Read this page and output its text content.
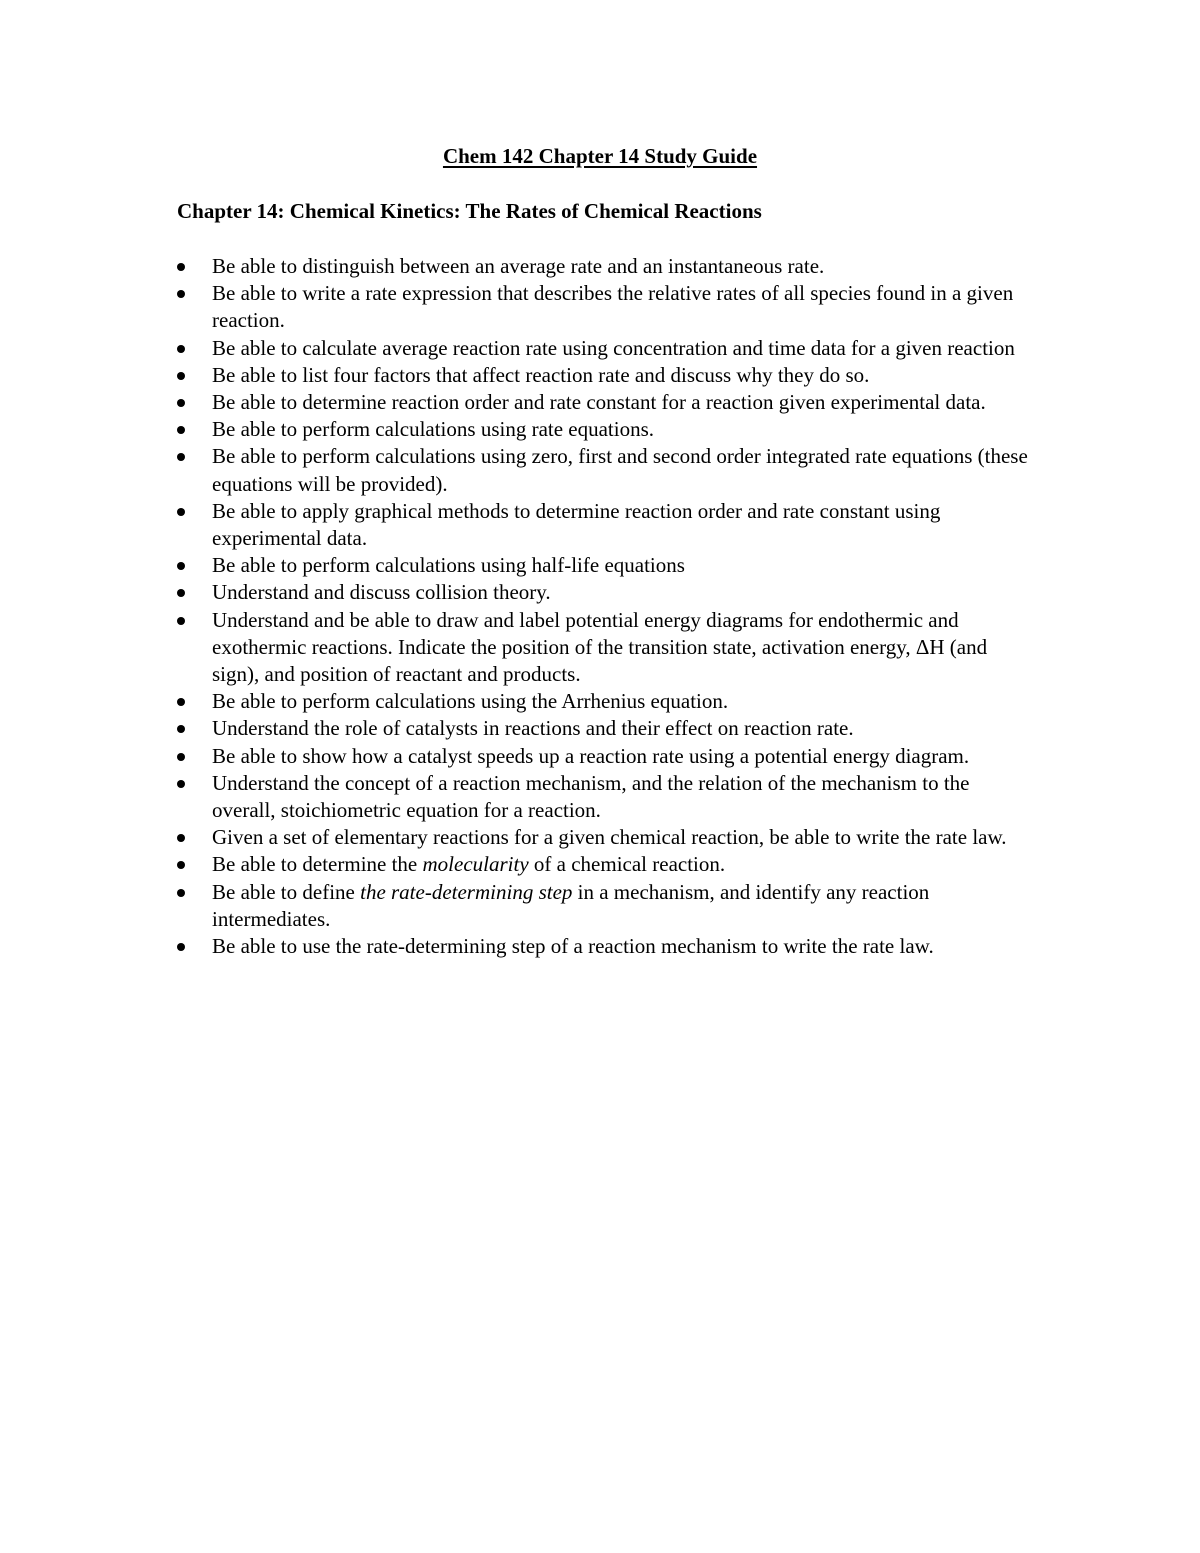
Chem 142 Chapter 14 Study Guide
Chapter 14: Chemical Kinetics: The Rates of Chemical Reactions
Be able to distinguish between an average rate and an instantaneous rate.
Be able to write a rate expression that describes the relative rates of all species found in a given reaction.
Be able to calculate average reaction rate using concentration and time data for a given reaction
Be able to list four factors that affect reaction rate and discuss why they do so.
Be able to determine reaction order and rate constant for a reaction given experimental data.
Be able to perform calculations using rate equations.
Be able to perform calculations using zero, first and second order integrated rate equations (these equations will be provided).
Be able to apply graphical methods to determine reaction order and rate constant using experimental data.
Be able to perform calculations using half-life equations
Understand and discuss collision theory.
Understand and be able to draw and label potential energy diagrams for endothermic and exothermic reactions. Indicate the position of the transition state, activation energy, ΔH (and sign), and position of reactant and products.
Be able to perform calculations using the Arrhenius equation.
Understand the role of catalysts in reactions and their effect on reaction rate.
Be able to show how a catalyst speeds up a reaction rate using a potential energy diagram.
Understand the concept of a reaction mechanism, and the relation of the mechanism to the overall, stoichiometric equation for a reaction.
Given a set of elementary reactions for a given chemical reaction, be able to write the rate law.
Be able to determine the molecularity of a chemical reaction.
Be able to define the rate-determining step in a mechanism, and identify any reaction intermediates.
Be able to use the rate-determining step of a reaction mechanism to write the rate law.
